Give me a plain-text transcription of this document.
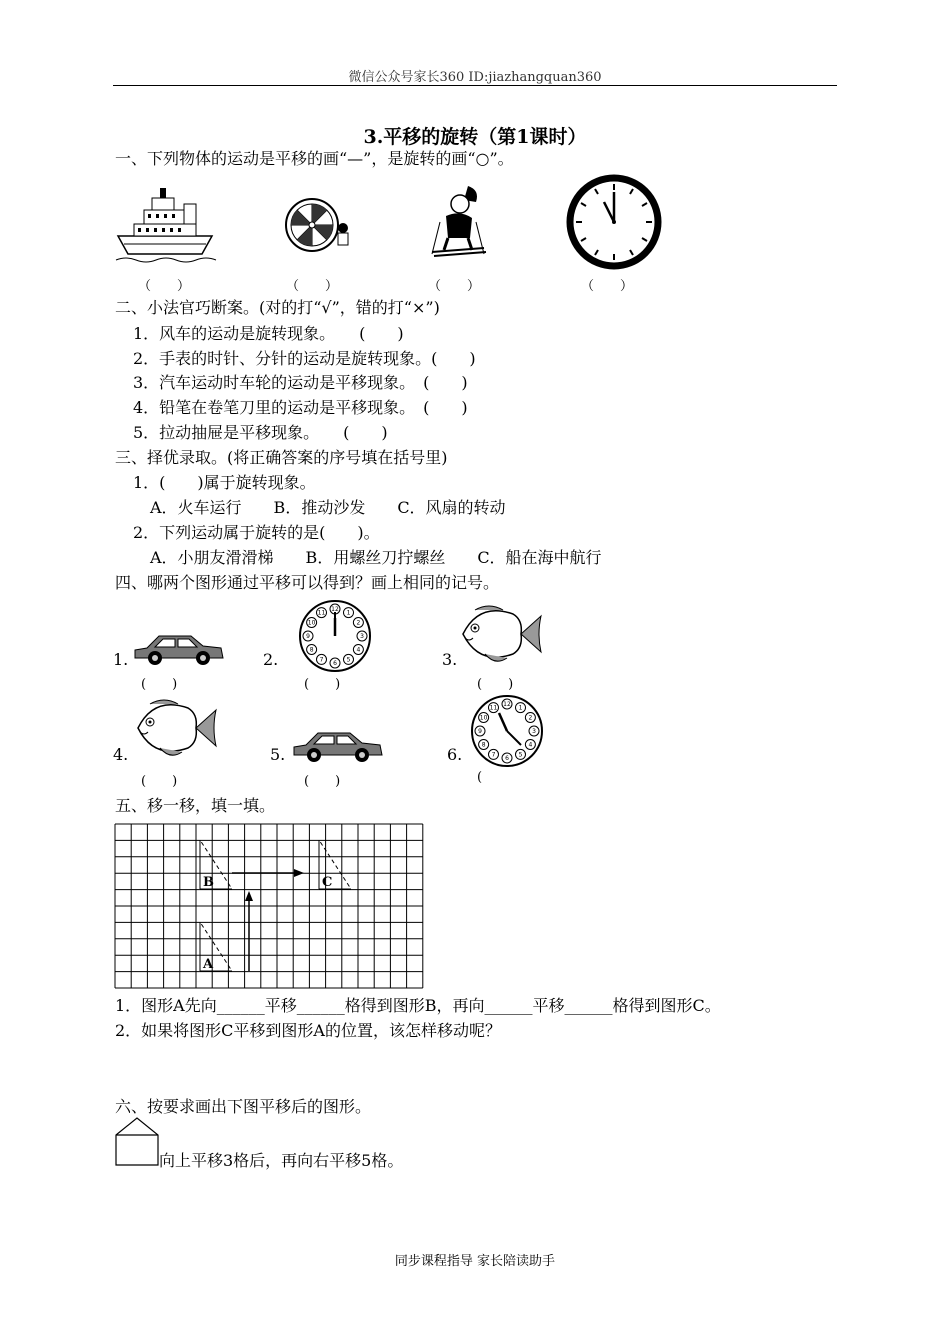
微信公众号家长360 ID:jiazhangquan360
3.平移的旋转（第1课时）
一、下列物体的运动是平移的画“—”，是旋转的画“○”。
（　　）	（　　）	（　　）	（　　）
二、小法官巧断案。(对的打“√”，错的打“×”)
1．风车的运动是旋转现象。　　(　　)
2．手表的时针、分针的运动是旋转现象。(　　)
3．汽车运动时车轮的运动是平移现象。　(　　)
4．铅笔在卷笔刀里的运动是平移现象。　(　　)
5．拉动抽屉是平移现象。　　(　　)
三、择优录取。(将正确答案的序号填在括号里)
1．(　　)属于旋转现象。
A．火车运行　　B．推动沙发　　C．风扇的转动
2．下列运动属于旋转的是(　　)。
A．小朋友滑滑梯　　B．用螺丝刀拧螺丝　　C．船在海中航行
四、哪两个图形通过平移可以得到？画上相同的记号。
1.	2.	3.
4.	5.	6.
12
1
2
3
4
5
6
7
8
9
10
11
(　　)	(　　)	(　　)
12
1
2
3
4
5
6
7
8
9
10
11
(　　)	(　　)	(
五、移一移，填一填。
A
B	C
1．图形A先向______平移______格得到图形B，再向______平移______格得到图形C。
2．如果将图形C平移到图形A的位置，该怎样移动呢？
六、按要求画出下图平移后的图形。
向上平移3格后，再向右平移5格。
同步课程指导 家长陪读助手
